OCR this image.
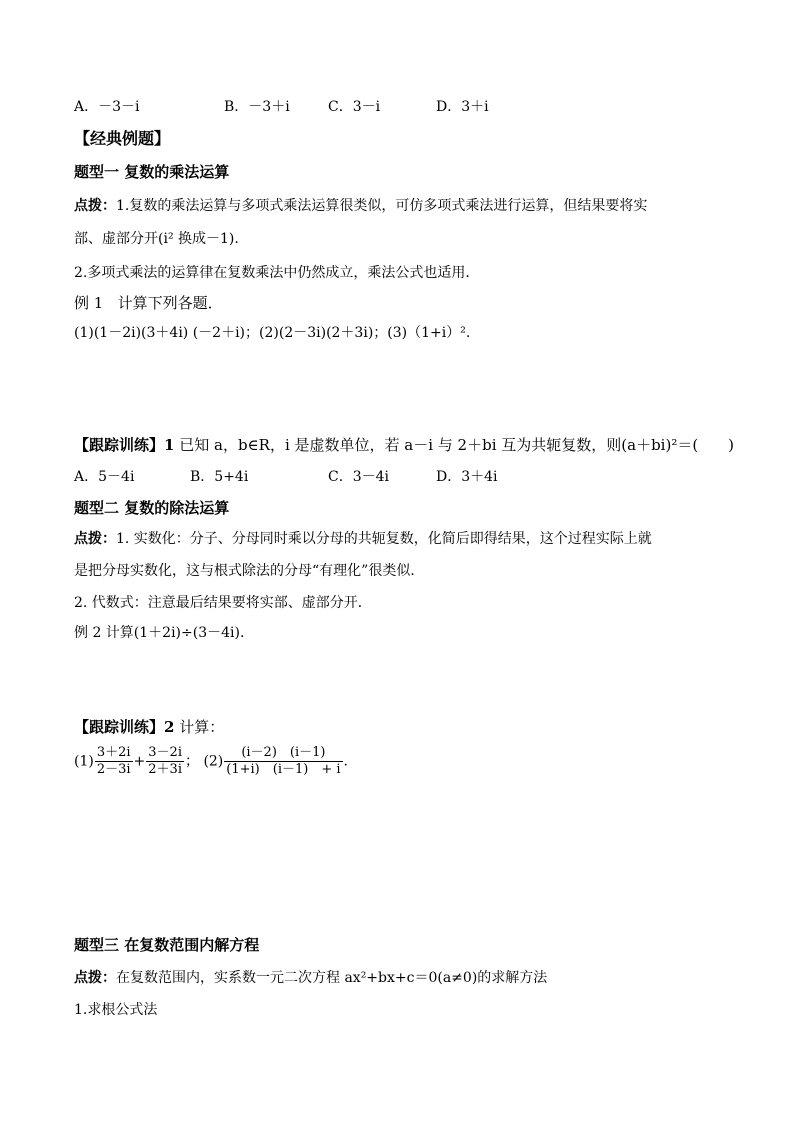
A．－3－i	B．－3＋i	C．3－i	D．3＋i
【经典例题】
题型一 复数的乘法运算
点拨：1.复数的乘法运算与多项式乘法运算很类似，可仿多项式乘法进行运算，但结果要将实
部、虚部分开(i² 换成－1).
2.多项式乘法的运算律在复数乘法中仍然成立，乘法公式也适用．
例 1 计算下列各题．
(1)(1－2i)(3＋4i) (－2＋i)；(2)(2－3i)(2＋3i)；(3)（1+i）².
【跟踪训练】1 已知 a，b∈R，i 是虚数单位，若 a－i 与 2＋bi 互为共轭复数，则(a＋bi)²＝(　　)
A．5－4i	B．5+4i	C．3－4i	D．3＋4i
题型二 复数的除法运算
点拨：1. 实数化：分子、分母同时乘以分母的共轭复数，化简后即得结果，这个过程实际上就
是把分母实数化，这与根式除法的分母“有理化”很类似．
2. 代数式：注意最后结果要将实部、虚部分开．
例 2 计算(1＋2i)÷(3－4i).
【跟踪训练】2 计算：
$(1) \frac{3+2i}{2-3i} + \frac{3-2i}{2+3i}$ ； $(2) \frac{(i-2) (i-1)}{(1+i) (i-1) + i}$ .
题型三 在复数范围内解方程
点拨：在复数范围内，实系数一元二次方程 ax²+bx+c＝0(a≠0)的求解方法
1.求根公式法
